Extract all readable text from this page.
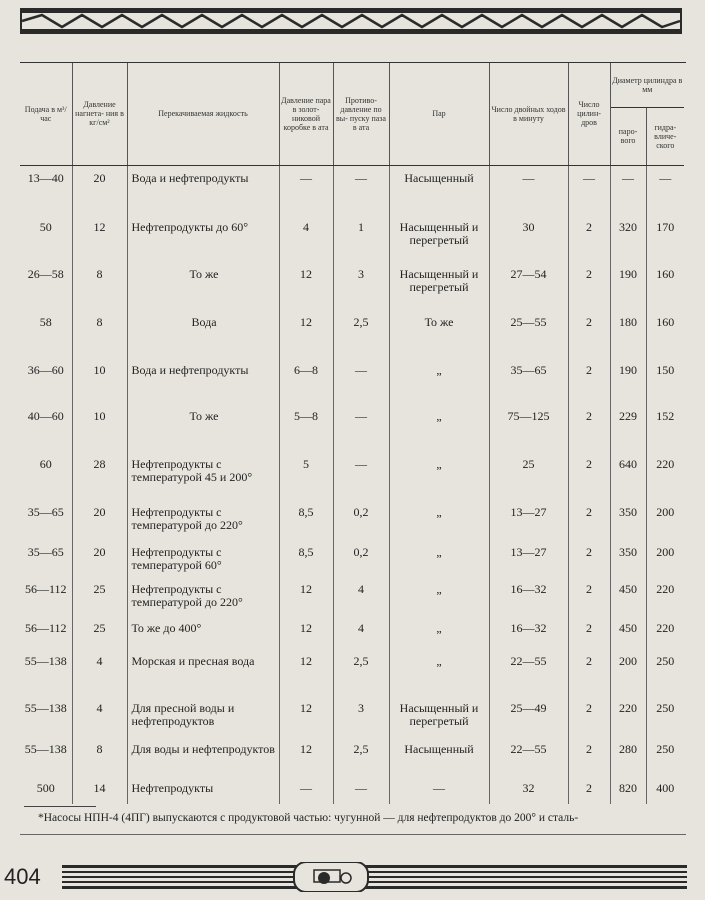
Подача в м³/час	Давление нагнета- ния в кг/см²	Перекачиваемая жидкость	Давление пара в золот- никовой коробке в ата	Противо- давление по вы- пуску паза в ата	Пар	Число двойных ходов в минуту	Число цилин- дров	Диаметр цилиндра в мм	
								паро- вого	гидра- вличе- ского
13—40	20	Вода и нефтепродукты	—	—	Насыщенный	—	—	—	—
50	12	Нефтепродукты до 60°	4	1	Насыщенный и перегретый	30	2	320	170
26—58	8	То же	12	3	Насыщенный и перегретый	27—54	2	190	160
58	8	Вода	12	2,5	То же	25—55	2	180	160
36—60	10	Вода и нефтепродукты	6—8	—	„	35—65	2	190	150
40—60	10	То же	5—8	—	„	75—125	2	229	152
60	28	Нефтепродукты с температурой 45 и 200°	5	—	„	25	2	640	220
35—65	20	Нефтепродукты с температурой до 220°	8,5	0,2	„	13—27	2	350	200
35—65	20	Нефтепродукты с температурой 60°	8,5	0,2	„	13—27	2	350	200
56—112	25	Нефтепродукты с температурой до 220°	12	4	„	16—32	2	450	220
56—112	25	То же до 400°	12	4	„	16—32	2	450	220
55—138	4	Морская и пресная вода	12	2,5	„	22—55	2	200	250
55—138	4	Для пресной воды и нефтепродуктов	12	3	Насыщенный и перегретый	25—49	2	220	250
55—138	8	Для воды и нефтепродуктов	12	2,5	Насыщенный	22—55	2	280	250
500	14	Нефтепродукты	—	—	—	32	2	820	400
*Насосы НПН-4 (4ПГ) выпускаются с продуктовой частью: чугунной — для нефтепродуктов до 200° и сталь-
404
